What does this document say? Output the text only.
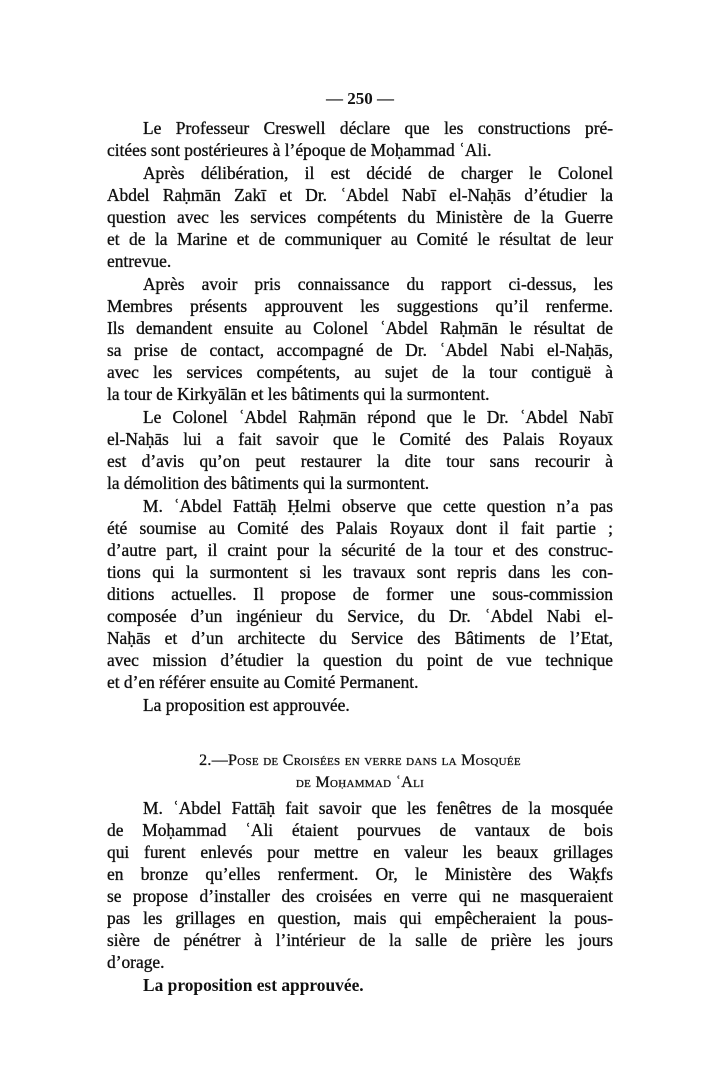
— 250 —
Le Professeur Creswell déclare que les constructions pré-
citées sont postérieures à l’époque de Moḥammad ʿAli.
Après délibération, il est décidé de charger le Colonel
Abdel Raḥmān Zakī et Dr. ʿAbdel Nabī el-Naḥās d’étudier la
question avec les services compétents du Ministère de la Guerre
et de la Marine et de communiquer au Comité le résultat de leur
entrevue.
Après avoir pris connaissance du rapport ci-dessus, les
Membres présents approuvent les suggestions qu’il renferme.
Ils demandent ensuite au Colonel ʿAbdel Raḥmān le résultat de
sa prise de contact, accompagné de Dr. ʿAbdel Nabi el-Naḥās,
avec les services compétents, au sujet de la tour contiguë à
la tour de Kirkyālān et les bâtiments qui la surmontent.
Le Colonel ʿAbdel Raḥmān répond que le Dr. ʿAbdel Nabī
el-Naḥās lui a fait savoir que le Comité des Palais Royaux
est d’avis qu’on peut restaurer la dite tour sans recourir à
la démolition des bâtiments qui la surmontent.
M. ʿAbdel Fattāḥ Ḥelmi observe que cette question n’a pas
été soumise au Comité des Palais Royaux dont il fait partie ;
d’autre part, il craint pour la sécurité de la tour et des construc-
tions qui la surmontent si les travaux sont repris dans les con-
ditions actuelles. Il propose de former une sous-commission
composée d’un ingénieur du Service, du Dr. ʿAbdel Nabi el-
Naḥās et d’un architecte du Service des Bâtiments de l’Etat,
avec mission d’étudier la question du point de vue technique
et d’en référer ensuite au Comité Permanent.
La proposition est approuvée.
2.—Pose de Croisées en verre dans la Mosquée
de Moḥammad ʿAli
M. ʿAbdel Fattāḥ fait savoir que les fenêtres de la mosquée
de Moḥammad ʿAli étaient pourvues de vantaux de bois
qui furent enlevés pour mettre en valeur les beaux grillages
en bronze qu’elles renferment. Or, le Ministère des Waḳfs
se propose d’installer des croisées en verre qui ne masqueraient
pas les grillages en question, mais qui empêcheraient la pous-
sière de pénétrer à l’intérieur de la salle de prière les jours
d’orage.
La proposition est approuvée.
